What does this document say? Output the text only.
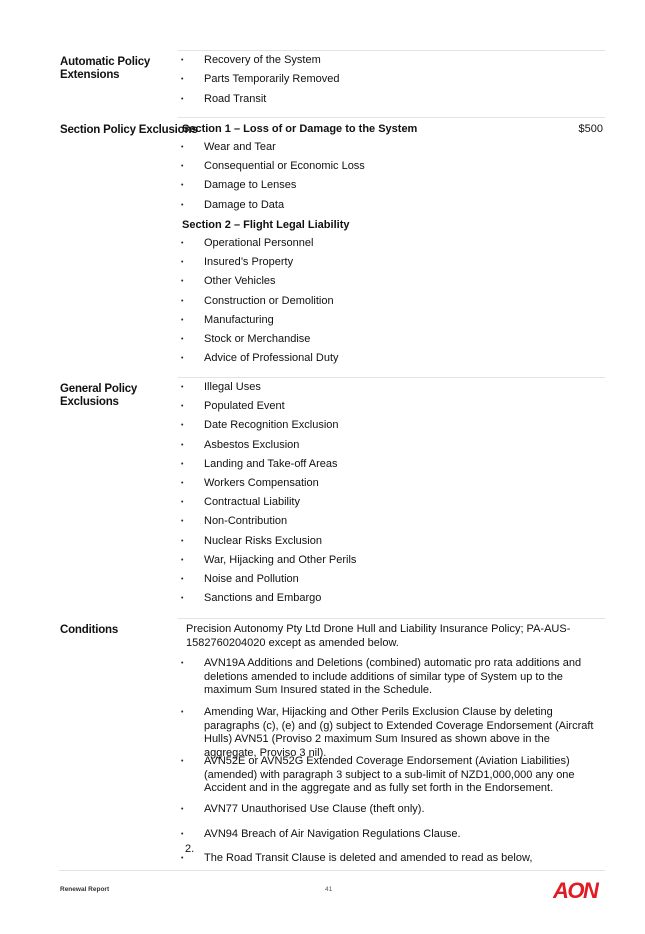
Automatic Policy Extensions
• Recovery of the System
• Parts Temporarily Removed
• Road Transit
Section Policy Exclusions
Section 1 – Loss of or Damage to the System	$500
• Wear and Tear
• Consequential or Economic Loss
• Damage to Lenses
• Damage to Data
Section 2 – Flight Legal Liability
• Operational Personnel
• Insured’s Property
• Other Vehicles
• Construction or Demolition
• Manufacturing
• Stock or Merchandise
• Advice of Professional Duty
General Policy Exclusions
• Illegal Uses
• Populated Event
• Date Recognition Exclusion
• Asbestos Exclusion
• Landing and Take-off Areas
• Workers Compensation
• Contractual Liability
• Non-Contribution
• Nuclear Risks Exclusion
• War, Hijacking and Other Perils
• Noise and Pollution
• Sanctions and Embargo
Conditions	Precision Autonomy Pty Ltd Drone Hull and Liability Insurance Policy; PA-AUS-1582760204020 except as amended below.
• AVN19A Additions and Deletions (combined) automatic pro rata additions and deletions amended to include additions of similar type of System up to the maximum Sum Insured stated in the Schedule.
• Amending War, Hijacking and Other Perils Exclusion Clause by deleting paragraphs (c), (e) and (g) subject to Extended Coverage Endorsement (Aircraft Hulls) AVN51 (Proviso 2 maximum Sum Insured as shown above in the aggregate, Proviso 3 nil).
• AVN52E or AVN52G Extended Coverage Endorsement (Aviation Liabilities) (amended) with paragraph 3 subject to a sub-limit of NZD1,000,000 any one Accident and in the aggregate and as fully set forth in the Endorsement.
• AVN77 Unauthorised Use Clause (theft only).
• AVN94 Breach of Air Navigation Regulations Clause.
• The Road Transit Clause is deleted and amended to read as below,
2.
Renewal Report	41	AON
